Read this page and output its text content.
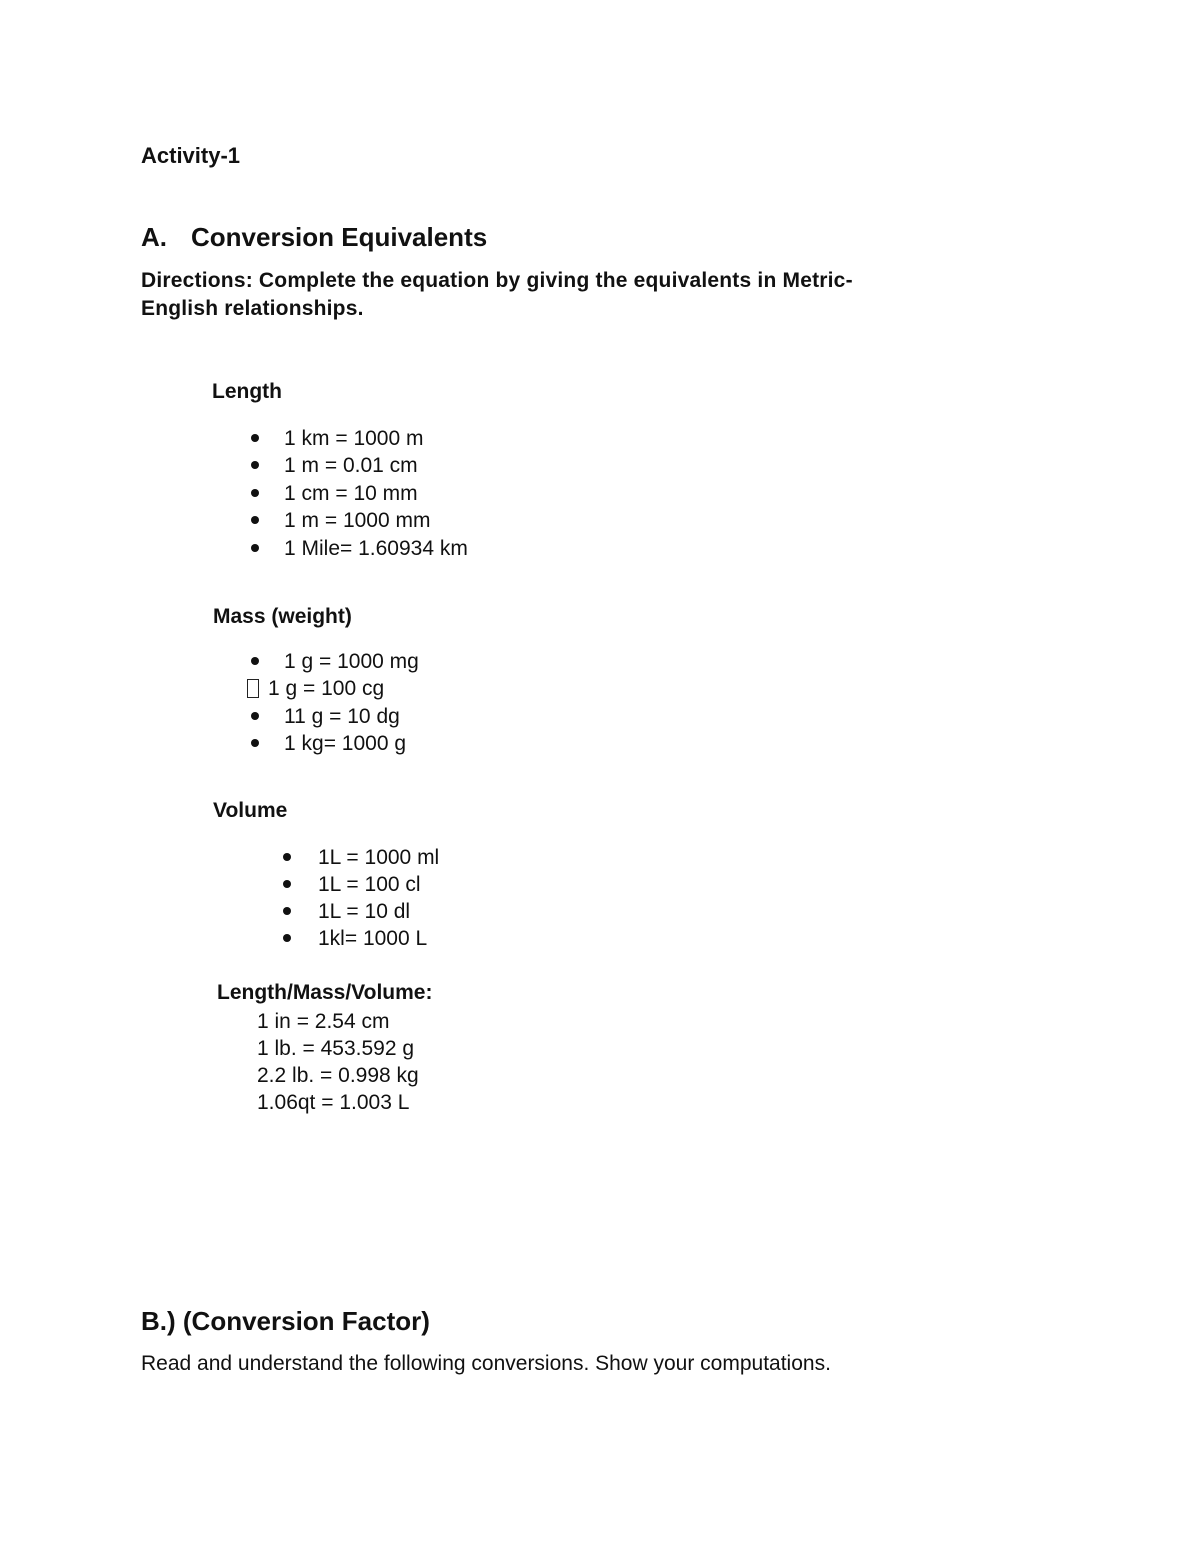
Activity-1
A. Conversion Equivalents
Directions: Complete the equation by giving the equivalents in Metric-
English relationships.
Length
1 km = 1000 m
1 m = 0.01 cm
1 cm = 10 mm
1 m = 1000 mm
1 Mile= 1.60934 km
Mass (weight)
1 g = 1000 mg
1 g = 100 cg
11 g = 10 dg
1 kg= 1000 g
Volume
1L = 1000 ml
1L = 100 cl
1L = 10 dl
1kl= 1000 L
Length/Mass/Volume:
1 in = 2.54 cm
1 lb. = 453.592 g
2.2 lb. = 0.998 kg
1.06qt = 1.003 L
B.) (Conversion Factor)
Read and understand the following conversions. Show your computations.
